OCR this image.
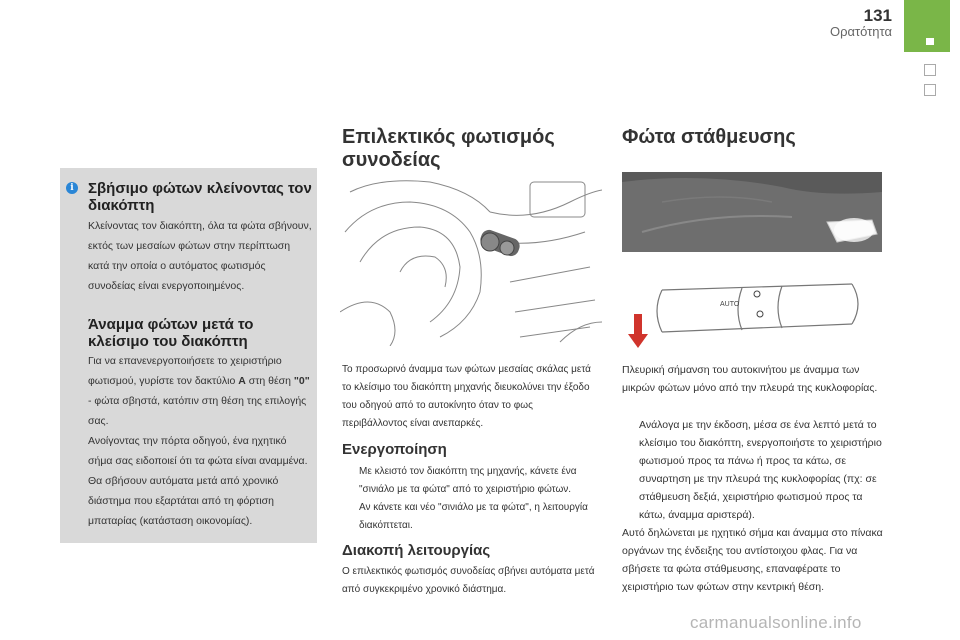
131
Ορατότητα
i Σβήσιμο φώτων κλείνοντας τον διακόπτη
Κλείνοντας τον διακόπτη, όλα τα φώτα σβήνουν, εκτός των μεσαίων φώτων στην περίπτωση κατά την οποία ο αυτόματος φωτισμός συνοδείας είναι ενεργοποιημένος.
Άναμμα φώτων μετά το κλείσιμο του διακόπτη
Για να επανενεργοποιήσετε το χειριστήριο φωτισμού, γυρίστε τον δακτύλιο A στη θέση "0" - φώτα σβηστά, κατόπιν στη θέση της επιλογής σας.
Ανοίγοντας την πόρτα οδηγού, ένα ηχητικό σήμα σας ειδοποιεί ότι τα φώτα είναι αναμμένα.
Θα σβήσουν αυτόματα μετά από χρονικό διάστημα που εξαρτάται από τη φόρτιση μπαταρίας (κατάσταση οικονομίας).
Επιλεκτικός φωτισμός συνοδείας
Το προσωρινό άναμμα των φώτων μεσαίας σκάλας μετά το κλείσιμο του διακόπτη μηχανής διευκολύνει την έξοδο του οδηγού από το αυτοκίνητο όταν το φως περιβάλλοντος είναι ανεπαρκές.
Ενεργοποίηση
Με κλειστό τον διακόπτη της μηχανής, κάνετε ένα "σινιάλο με τα φώτα" από το χειριστήριο φώτων.
Αν κάνετε και νέο "σινιάλο με τα φώτα", η λειτουργία διακόπτεται.
Διακοπή λειτουργίας
Ο επιλεκτικός φωτισμός συνοδείας σβήνει αυτόματα μετά από συγκεκριμένο χρονικό διάστημα.
Φώτα στάθμευσης
AUTO
Πλευρική σήμανση του αυτοκινήτου με άναμμα των μικρών φώτων μόνο από την πλευρά της κυκλοφορίας.
Ανάλογα με την έκδοση, μέσα σε ένα λεπτό μετά το κλείσιμο του διακόπτη, ενεργοποιήστε το χειριστήριο φωτισμού προς τα πάνω ή προς τα κάτω, σε συναρτηση με την πλευρά της κυκλοφορίας (πχ: σε στάθμευση δεξιά, χειριστήριο φωτισμού προς τα κάτω, άναμμα αριστερά).
Αυτό δηλώνεται με ηχητικό σήμα και άναμμα στο πίνακα οργάνων της ένδειξης του αντίστοιχου φλας. Για να σβήσετε τα φώτα στάθμευσης, επαναφέρατε το χειριστήριο των φώτων στην κεντρική θέση.
carmanualsonline.info
